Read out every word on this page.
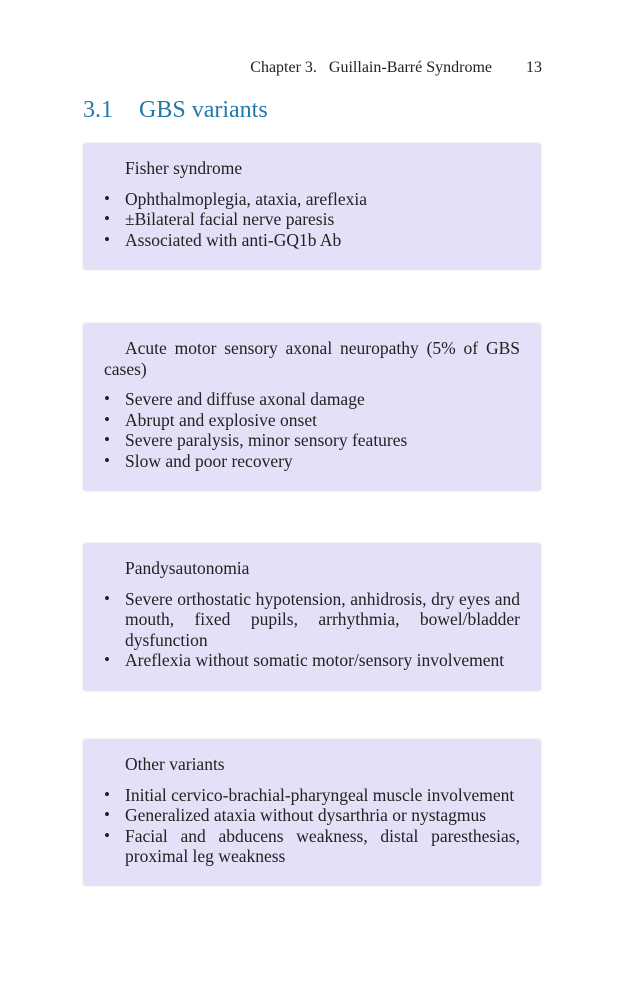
Chapter 3. Guillain-Barré Syndrome 13
3.1 GBS variants

Fisher syndrome

• Ophthalmoplegia, ataxia, areflexia
• ±Bilateral facial nerve paresis
• Associated with anti-GQ1b Ab

Acute motor sensory axonal neuropathy (5% of GBS cases)

• Severe and diffuse axonal damage
• Abrupt and explosive onset
• Severe paralysis, minor sensory features
• Slow and poor recovery

Pandysautonomia

• Severe orthostatic hypotension, anhidrosis, dry eyes and mouth, fixed pupils, arrhythmia, bowel/bladder dysfunction
• Areflexia without somatic motor/sensory involvement

Other variants

• Initial cervico-brachial-pharyngeal muscle involvement
• Generalized ataxia without dysarthria or nystagmus
• Facial and abducens weakness, distal paresthesias, proximal leg weakness
